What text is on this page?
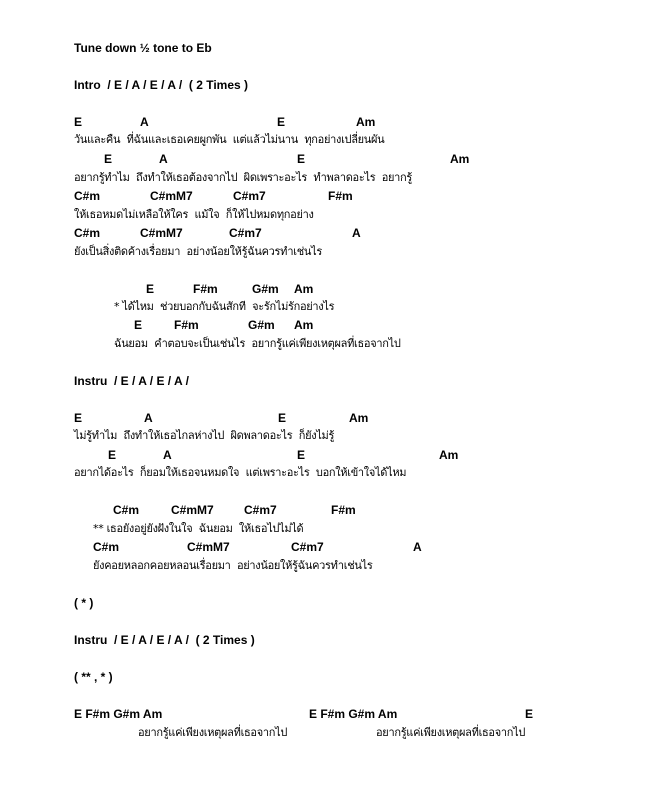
Tune down ½ tone to Eb
Intro  / E / A / E / A /  ( 2 Times )
E	A	E	Am
วันและคืน  ที่ฉันและเธอเคยผูกพัน  แต่แล้วไม่นาน  ทุกอย่างเปลี่ยนผัน
E	A	E	Am
อยากรู้ทำไม  ถึงทำให้เธอต้องจากไป  ผิดเพราะอะไร  ทำพลาดอะไร  อยากรู้
C#m	C#mM7	C#m7	F#m
ให้เธอหมดไม่เหลือให้ใคร  แม้ใจ  ก็ให้ไปหมดทุกอย่าง
C#m	C#mM7	C#m7	A
ยังเป็นสิ่งติดค้างเรื่อยมา  อย่างน้อยให้รู้ฉันควรทำเช่นไร
E	F#m	G#m Am
* ได้ไหม  ช่วยบอกกับฉันสักที  จะรักไม่รักอย่างไร
E	F#m	G#m Am
ฉันยอม  คำตอบจะเป็นเช่นไร  อยากรู้แค่เพียงเหตุผลที่เธอจากไป
Instru  / E / A / E / A /
E	A	E	Am
ไม่รู้ทำไม  ถึงทำให้เธอไกลห่างไป  ผิดพลาดอะไร  ก็ยังไม่รู้
E	A	E	Am
อยากได้อะไร  ก็ยอมให้เธอจนหมดใจ  แต่เพราะอะไร  บอกให้เข้าใจได้ไหม
C#m	C#mM7	C#m7	F#m
** เธอยังอยู่ยังฝังในใจ  ฉันยอม  ให้เธอไปไม่ได้
C#m	C#mM7	C#m7	A
ยังคอยหลอกคอยหลอนเรื่อยมา  อย่างน้อยให้รู้ฉันควรทำเช่นไร
( * )
Instru  / E / A / E / A /  ( 2 Times )
( ** , * )
E F#m G#m Am	E F#m G#m Am	E
อยากรู้แค่เพียงเหตุผลที่เธอจากไป	อยากรู้แค่เพียงเหตุผลที่เธอจากไป
